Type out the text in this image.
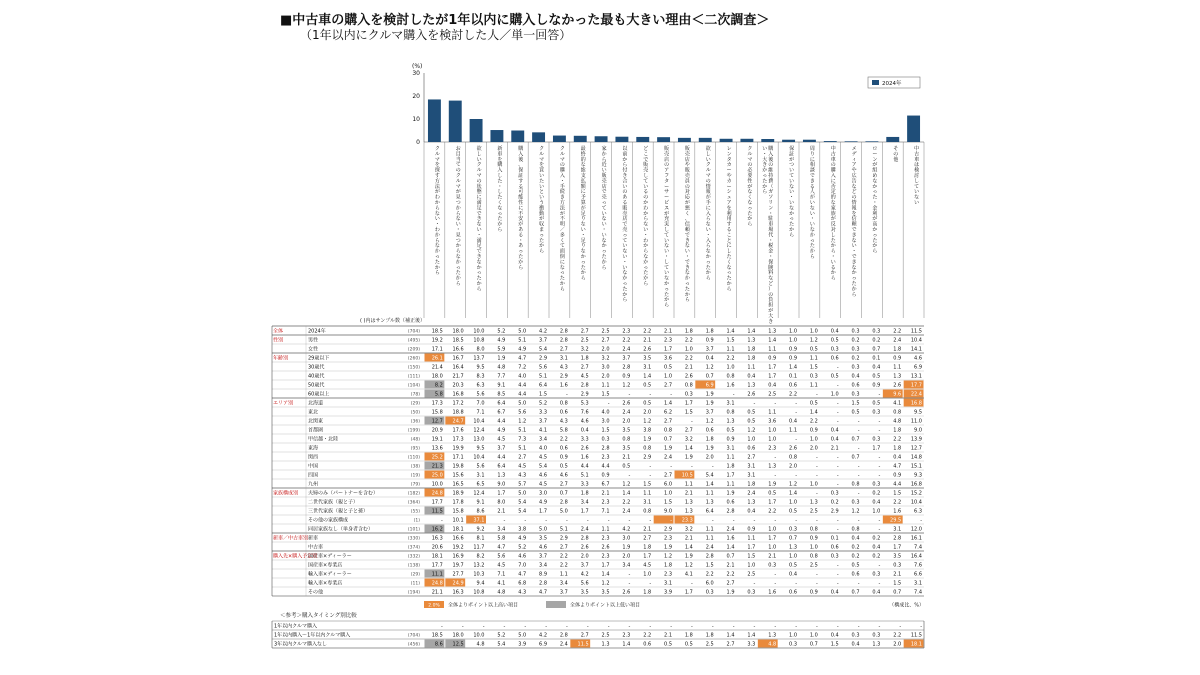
■中古車の購入を検討したが1年以内に購入しなかった最も大きい理由＜二次調査＞
（1年以内にクルマ購入を検討した人／単一回答）
0
10
20
30
(%)
2024年
ク
ル
マ
を
探
す
方
法
が
わ
か
ら
な
い
・
わ
か
ら
な
か
っ
た
か
ら
お
目
当
て
の
ク
ル
マ
が
見
つ
か
ら
な
い
・
見
つ
か
ら
な
か
っ
た
か
ら
欲
し
い
ク
ル
マ
の
状
態
に
満
足
で
き
な
い
・
満
足
で
き
な
か
っ
た
か
ら
新
車
を
購
入
し
た
・
し
た
く
な
っ
た
か
ら
購
入
後
、
保
証
す
る
可
能
性
に
不
安
が
あ
る
・
あ
っ
た
か
ら
ク
ル
マ
を
買
い
た
い
と
い
う
衝
動
が
収
ま
っ
た
か
ら
ク
ル
マ
の
購
入
・
手
続
き
方
法
が
不
明
／
多
く
て
面
倒
に
な
っ
た
か
ら
最
終
的
な
総
支
払
額
に
予
算
が
足
り
な
い
・
足
り
な
か
っ
た
か
ら
家
か
ら
近
い
販
売
店
で
売
っ
て
い
な
い
・
い
な
か
っ
た
か
ら
以
前
か
ら
付
き
合
い
の
あ
る
販
売
店
で
売
っ
て
い
な
い
・
い
な
か
っ
た
か
ら
ど
こ
で
販
売
し
て
い
る
の
か
わ
か
ら
な
い
・
わ
か
ら
な
か
っ
た
か
ら
販
売
店
の
ア
フ
タ
ー
サ
ー
ビ
ス
が
充
実
し
て
い
な
い
・
し
て
い
な
か
っ
た
か
ら
販
売
店
や
販
売
員
の
対
応
が
悪
く
、
信
頼
で
き
な
い
・
で
き
な
か
っ
た
か
ら
欲
し
い
ク
ル
マ
の
情
報
が
手
に
入
ら
な
い
・
入
ら
な
か
っ
た
か
ら
レ
ン
タ
カ
ー
や
カ
ー
シ
ェ
ア
を
利
用
す
る
こ
と
に
し
た
く
な
っ
た
か
ら
ク
ル
マ
の
必
要
性
が
な
く
な
っ
た
か
ら
購
入
後
の
維
持
費
（
ガ
ソ
リ
ン
・
駐
車
場
代
・
税
金
・
保
険
料
な
ど
）
の
負
担
が
大
き
い
・
大
き
か
っ
た
か
ら
保
証
が
つ
い
て
い
な
い
・
い
な
か
っ
た
か
ら
周
り
に
相
談
で
き
る
人
が
い
な
い
・
い
な
か
っ
た
か
ら
中
古
車
の
購
入
に
否
定
的
な
家
族
が
反
対
し
た
か
ら
・
い
る
か
ら
メ
デ
ィ
ア
や
広
告
な
ど
の
情
報
を
信
頼
で
き
な
い
・
で
き
な
か
っ
た
か
ら
ロ
ー
ン
が
組
め
な
か
っ
た
・
金
利
が
高
か
っ
た
か
ら
そ
の
他
中
古
車
は
検
討
し
て
い
な
い
( )内はサンプル数（補正後）
全体	2024年	(704) 18.5 18.0 10.0	5.2	5.0	4.2	2.8	2.7	2.5	2.3	2.2	2.1	1.8	1.8	1.4	1.4	1.3	1.0	1.0	0.4	0.3	0.3	2.2 11.5
性別	男性	(495) 19.2 18.5 10.8	4.9	5.1	3.7	2.8	2.5	2.7	2.2	2.1	2.3	2.2	0.9	1.5	1.3	1.4	1.0	1.2	0.5	0.2	0.2	2.4 10.4
女性	(209) 17.1 16.6	8.0	5.9	4.9	5.4	2.7	3.2	2.0	2.4	2.6	1.7	1.0	3.7	1.1	1.8	1.1	0.9	0.5	0.3	0.3	0.7	1.8 14.1
年齢別	29歳以下	(260) 26.1 16.7 13.7	1.9	4.7	2.9	3.1	1.8	3.2	3.7	3.5	3.6	2.2	0.4	2.2	1.8	0.9	0.9	1.1	0.6	0.2	0.1	0.9	4.6
30歳代	(150) 21.4 16.4	9.5	4.8	7.2	5.6	4.3	2.7	3.0	2.8	3.1	0.5	2.1	1.2	1.0	1.1	1.7	1.4	1.5	-	0.3	0.4	1.1	6.9
40歳代	(111) 18.0 21.7	8.3	7.7	4.0	5.1	2.9	4.5	2.0	0.9	1.4	1.0	2.6	0.7	0.8	0.4	1.7	0.1	0.3	0.5	0.4	0.5	1.3 13.1
50歳代	(104)	8.2 20.3	6.3	9.1	4.4	6.4	1.6	2.8	1.1	1.2	0.5	2.7	0.8	6.9	1.6	1.3	0.4	0.6	1.1	-	0.6	0.9	2.6 17.7
60歳以上	(78)	5.8 16.8	5.6	8.5	4.4	1.5	-	2.9	1.5	-	-	-	0.3	1.9	-	2.6	2.5	2.2	-	1.0	0.3	-	9.6 22.4
エリア別	北海道	(29) 17.3 17.2	7.0	6.4	5.0	5.2	0.8	5.3	-	2.6	0.5	1.4	1.7	1.9	3.1	-	-	-	0.5	-	1.5	0.5	4.1 16.8
東北	(50) 15.8 18.8	7.1	6.7	5.6	3.3	0.6	7.6	4.0	2.4	2.0	6.2	1.5	3.7	0.8	0.5	1.1	-	1.4	-	0.5	0.3	0.8	9.5
北関東	(36) 12.7 24.7 10.4	4.4	1.2	3.7	4.3	4.6	3.0	2.0	1.2	2.7	-	1.2	1.3	0.5	3.6	0.4	2.2	-	-	-	4.8 11.0
首都圏	(199) 20.9 17.6 12.4	4.9	5.1	4.1	5.8	0.4	1.5	3.5	3.8	0.8	2.7	0.6	0.5	1.2	1.0	1.1	0.9	0.4	-	-	1.8	9.0
甲信越・北陸	(48) 19.1 17.3 13.0	4.5	7.3	3.4	2.2	3.3	0.3	0.8	1.9	0.7	3.2	1.8	0.9	1.0	1.0	-	1.0	0.4	0.7	0.3	2.2 13.9
東海	(95) 13.6 19.9	9.5	3.7	5.1	4.0	0.6	2.6	2.8	3.5	0.8	1.9	1.4	1.9	3.1	0.6	2.3	2.6	2.0	2.1	-	1.7	1.8 12.7
関西	(110) 25.2 17.1 10.4	4.4	2.7	4.5	0.9	1.6	2.3	2.1	2.9	2.4	1.9	2.0	1.1	2.7	-	0.8	-	-	0.7	-	0.4 14.8
中国	(38) 21.3 19.8	5.6	6.4	4.5	5.4	0.5	4.4	4.4	0.5	-	-	-	-	1.8	3.1	1.3	2.0	-	-	-	-	4.7 15.1
四国	(19) 25.0 15.6	3.1	1.3	4.3	4.6	4.6	5.1	0.9	-	-	2.7 10.5	5.4	1.7	3.1	-	-	-	-	-	-	0.9	9.3
九州	(79) 10.0 16.5	6.5	9.0	5.7	4.5	2.7	3.3	6.7	1.2	1.5	6.0	1.1	1.4	1.1	1.8	1.9	1.2	1.0	-	0.8	0.3	4.4 16.8
家族構成別 夫婦のみ（パートナーを含む）	(182) 24.8 18.9 12.4	1.7	5.0	3.0	0.7	1.8	2.1	1.4	1.1	1.0	2.1	1.1	1.9	2.4	0.5	1.4	-	0.3	-	0.2	1.5 15.2
二世代家族（親と子）	(364) 17.7 17.8	9.1	8.0	5.4	4.9	2.8	3.4	2.3	2.2	3.1	1.5	1.3	1.3	0.6	1.3	1.7	1.0	1.3	0.2	0.3	0.4	2.2 10.4
三世代家族（親と子と孫）	(55) 11.5 15.8	8.6	2.1	5.4	1.7	5.0	1.7	7.1	2.4	0.8	9.0	1.3	6.4	2.8	0.4	2.2	0.5	2.5	2.9	1.2	1.0	1.6	6.3
その他の家族構成	(1)	- 10.1 37.1	-	-	-	-	-	-	-	-	- 23.3	-	-	-	-	-	-	-	-	- 29.5	-
同居家族なし（単身者含む）	(101) 16.2 18.1	9.2	3.4	3.8	5.0	5.1	2.4	1.1	4.2	2.1	2.9	3.2	1.1	2.4	0.9	1.0	0.3	0.8	-	0.8	-	3.1 12.0
新車／中古車別 新車	(330) 16.3 16.6	8.1	5.8	4.9	3.5	2.9	2.8	2.3	3.0	2.7	2.3	2.1	1.1	1.6	1.1	1.7	0.7	0.9	0.1	0.4	0.2	2.8 16.1
中古車	(374) 20.6 19.2 11.7	4.7	5.2	4.6	2.7	2.6	2.6	1.9	1.8	1.9	1.4	2.4	1.4	1.7	1.0	1.3	1.0	0.6	0.2	0.4	1.7	7.4
購入先×購入予定別
国産車×ディーラー	(332) 18.1 16.9	8.2	5.6	4.6	3.7	2.2	2.0	2.3	2.0	1.7	1.2	1.9	2.8	0.7	1.5	2.1	1.0	0.8	0.3	0.2	0.2	3.5 16.4
国産車×専業店	(138) 17.7 19.7 13.2	4.5	7.0	3.4	2.2	3.7	1.7	3.4	4.5	1.8	1.2	1.5	2.1	1.0	0.3	0.5	2.5	-	0.5	-	0.3	7.6
輸入車×ディーラー	(29) 11.1 27.7 10.3	7.1	4.7	8.9	1.1	4.2	1.4	-	1.0	2.3	4.1	2.2	2.2	2.5	-	0.4	-	-	0.6	0.3	2.1	6.6
輸入車×専業店	(11) 24.8 24.9	9.4	4.1	6.8	2.8	3.4	5.6	1.2	-	-	3.1	-	6.0	2.7	-	-	-	-	-	-	-	1.5	3.1
その他	(194) 21.1 16.3 10.8	4.8	4.3	4.7	3.7	3.5	3.5	2.6	1.8	3.9	1.7	0.3	1.9	0.3	1.6	0.6	0.9	0.4	0.7	0.4	0.7	7.4
2.0% 全体よりポイント以上高い項目	全体よりポイント以上低い項目	（構成比、%）
＜参考＞購入タイミング別比較
1年以内クルマ購入	-	-	-	-	-	-	-	-	-	-	-	-	-	-	-	-	-	-	-	-	-	-	-	-
1年以内購入～1年以内クルマ購入	(704) 18.5 18.0 10.0	5.2	5.0	4.2	2.8	2.7	2.5	2.3	2.2	2.1	1.8	1.8	1.4	1.4	1.3	1.0	1.0	0.4	0.3	0.3	2.2 11.5
3年以内クルマ購入なし	(456)	8.6 12.5	4.8	5.4	3.9	6.9	2.4 11.5	1.3	1.4	0.6	0.5	0.5	2.5	2.7	3.3	4.8	0.3	0.7	1.5	0.4	1.3	2.0 18.1
